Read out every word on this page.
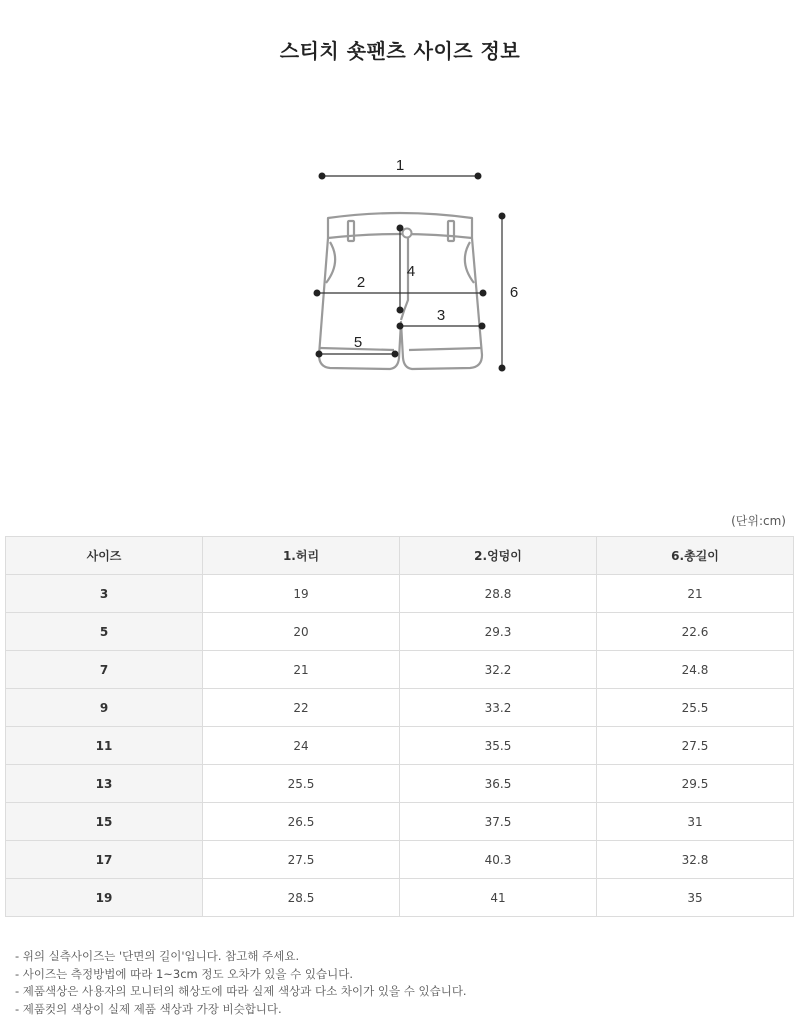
스티치 숏팬츠 사이즈 정보
1
2
3
4
5
6
(단위:cm)
사이즈	1.허리	2.엉덩이	6.총길이
3	19	28.8	21
5	20	29.3	22.6
7	21	32.2	24.8
9	22	33.2	25.5
11	24	35.5	27.5
13	25.5	36.5	29.5
15	26.5	37.5	31
17	27.5	40.3	32.8
19	28.5	41	35
- 위의 실측사이즈는 '단면의 길이'입니다. 참고해 주세요.
- 사이즈는 측정방법에 따라 1~3cm 정도 오차가 있을 수 있습니다.
- 제품색상은 사용자의 모니터의 해상도에 따라 실제 색상과 다소 차이가 있을 수 있습니다.
- 제품컷의 색상이 실제 제품 색상과 가장 비슷합니다.
